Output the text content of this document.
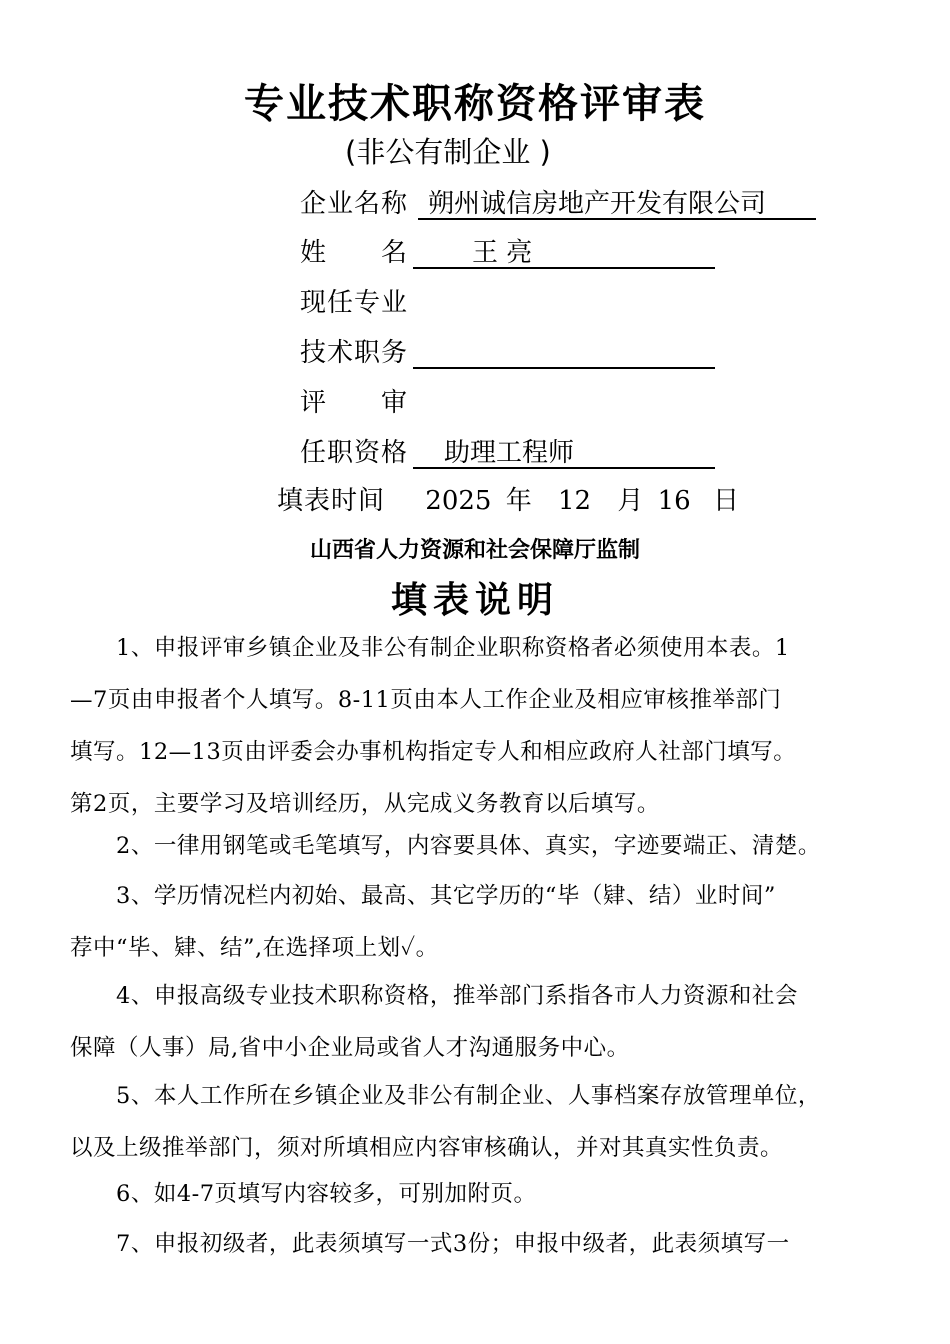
专业技术职称资格评审表
(非公有制企业 )
企业名称 朔州诚信房地产开发有限公司
姓　　名 王 亮
现任专业
技术职务
评　　审
任职资格 助理工程师
填表时间 2025 年 12 月 16 日
山西省人力资源和社会保障厅监制
填表说明
　　1、申报评审乡镇企业及非公有制企业职称资格者必须使用本表。1
—7页由申报者个人填写。8-11页由本人工作企业及相应审核推举部门
填写。12—13页由评委会办事机构指定专人和相应政府人社部门填写。
第2页，主要学习及培训经历，从完成义务教育以后填写。
　　2、一律用钢笔或毛笔填写，内容要具体、真实，字迹要端正、清楚。
　　3、学历情况栏内初始、最高、其它学历的“毕（肄、结）业时间”
荐中“毕、肄、结”,在选择项上划✓。
　　4、申报高级专业技术职称资格，推举部门系指各市人力资源和社会
保障（人事）局,省中小企业局或省人才沟通服务中心。
　　5、本人工作所在乡镇企业及非公有制企业、人事档案存放管理单位，
以及上级推举部门，须对所填相应内容审核确认，并对其真实性负责。
　　6、如4-7页填写内容较多，可别加附页。
　　7、申报初级者，此表须填写一式3份；申报中级者，此表须填写一
